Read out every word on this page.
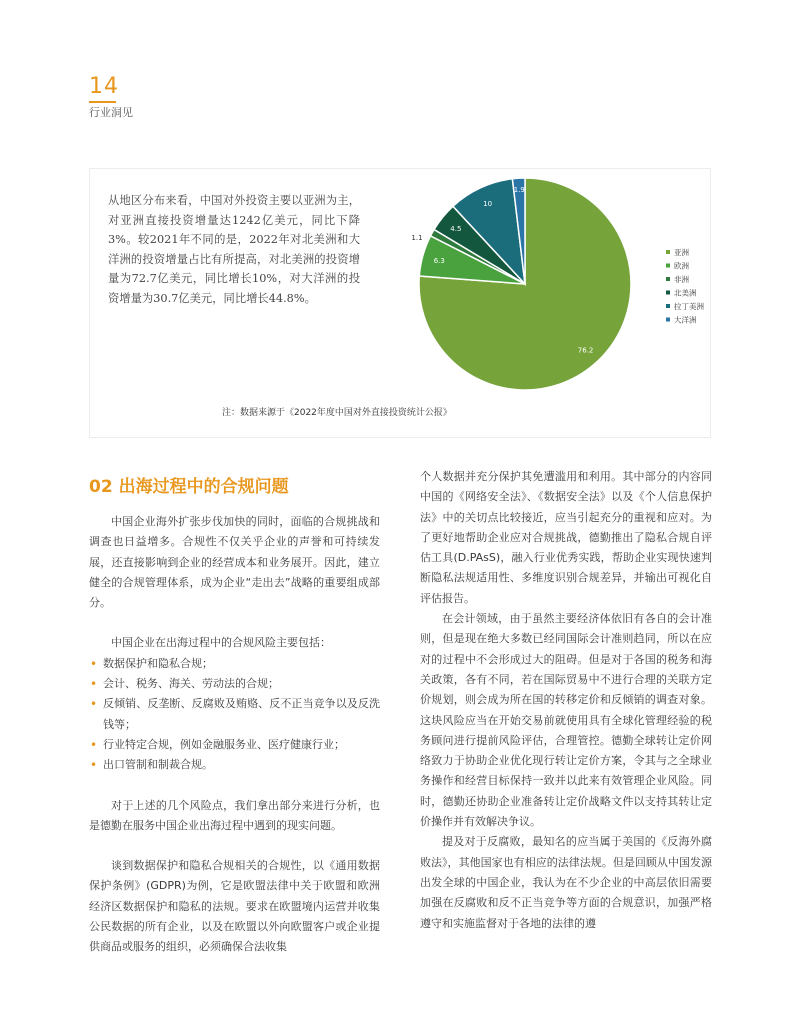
14
行业洞见
从地区分布来看，中国对外投资主要以亚洲为主，对亚洲直接投资增量达1242亿美元，同比下降3%。较2021年不同的是，2022年对北美洲和大洋洲的投资增量占比有所提高，对北美洲的投资增量为72.7亿美元，同比增长10%，对大洋洲的投资增量为30.7亿美元，同比增长44.8%。
76.2
6.3
1.1
4.5
10
1.9
亚洲
欧洲
非洲
北美洲
拉丁美洲
大洋洲
注：数据来源于《2022年度中国对外直接投资统计公报》
02 出海过程中的合规问题

中国企业海外扩张步伐加快的同时，面临的合规挑战和调查也日益增多。合规性不仅关乎企业的声誉和可持续发展，还直接影响到企业的经营成本和业务展开。因此，建立健全的合规管理体系，成为企业“走出去”战略的重要组成部分。

中国企业在出海过程中的合规风险主要包括：

• 数据保护和隐私合规；
• 会计、税务、海关、劳动法的合规；
• 反倾销、反垄断、反腐败及贿赂、反不正当竞争以及反洗钱等；
• 行业特定合规，例如金融服务业、医疗健康行业；
• 出口管制和制裁合规。

对于上述的几个风险点，我们拿出部分来进行分析，也是德勤在服务中国企业出海过程中遇到的现实问题。

谈到数据保护和隐私合规相关的合规性，以《通用数据保护条例》(GDPR)为例，它是欧盟法律中关于欧盟和欧洲经济区数据保护和隐私的法规。要求在欧盟境内运营并收集公民数据的所有企业，以及在欧盟以外向欧盟客户或企业提供商品或服务的组织，必须确保合法收集

个人数据并充分保护其免遭滥用和利用。其中部分的内容同中国的《网络安全法》、《数据安全法》以及《个人信息保护法》中的关切点比较接近，应当引起充分的重视和应对。为了更好地帮助企业应对合规挑战，德勤推出了隐私合规自评估工具(D.PAsS)，融入行业优秀实践，帮助企业实现快速判断隐私法规适用性、多维度识别合规差异，并输出可视化自评估报告。

在会计领域，由于虽然主要经济体依旧有各自的会计准则，但是现在绝大多数已经同国际会计准则趋同，所以在应对的过程中不会形成过大的阻碍。但是对于各国的税务和海关政策，各有不同，若在国际贸易中不进行合理的关联方定价规划，则会成为所在国的转移定价和反倾销的调查对象。这块风险应当在开始交易前就使用具有全球化管理经验的税务顾问进行提前风险评估，合理管控。德勤全球转让定价网络致力于协助企业优化现行转让定价方案，令其与之全球业务操作和经营目标保持一致并以此来有效管理企业风险。同时，德勤还协助企业准备转让定价战略文件以支持其转让定价操作并有效解决争议。

提及对于反腐败，最知名的应当属于美国的《反海外腐败法》，其他国家也有相应的法律法规。但是回顾从中国发源出发全球的中国企业，我认为在不少企业的中高层依旧需要加强在反腐败和反不正当竞争等方面的合规意识，加强严格遵守和实施监督对于各地的法律的遵
